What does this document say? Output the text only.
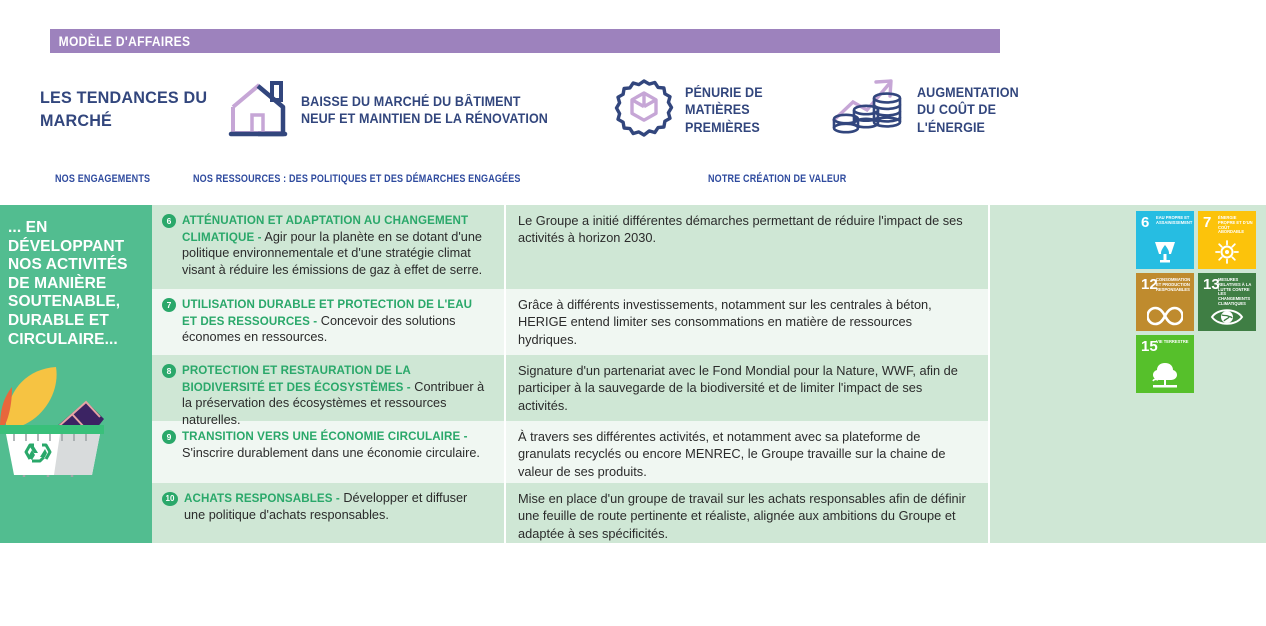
MODÈLE D'AFFAIRES
LES TENDANCES DU MARCHÉ
BAISSE DU MARCHÉ DU BÂTIMENT NEUF ET MAINTIEN DE LA RÉNOVATION
PÉNURIE DE MATIÈRES PREMIÈRES
AUGMENTATION DU COÛT DE L'ÉNERGIE
NOS ENGAGEMENTS	NOS RESSOURCES : DES POLITIQUES ET DES DÉMARCHES ENGAGÉES	NOTRE CRÉATION DE VALEUR
... EN DÉVELOPPANT NOS ACTIVITÉS DE MANIÈRE SOUTENABLE, DURABLE ET CIRCULAIRE...
6 ATTÉNUATION ET ADAPTATION AU CHANGEMENT CLIMATIQUE - Agir pour la planète en se dotant d'une politique environnementale et d'une stratégie climat visant à réduire les émissions de gaz à effet de serre.
Le Groupe a initié différentes démarches permettant de réduire l'impact de ses activités à horizon 2030.
7 UTILISATION DURABLE ET PROTECTION DE L'EAU ET DES RESSOURCES - Concevoir des solutions économes en ressources.
Grâce à différents investissements, notamment sur les centrales à béton, HERIGE entend limiter ses consommations en matière de ressources hydriques.
8 PROTECTION ET RESTAURATION DE LA BIODIVERSITÉ ET DES ÉCOSYSTÈMES - Contribuer à la préservation des écosystèmes et ressources naturelles.
Signature d'un partenariat avec le Fond Mondial pour la Nature, WWF, afin de participer à la sauvegarde de la biodiversité et de limiter l'impact de ses activités.
9 TRANSITION VERS UNE ÉCONOMIE CIRCULAIRE - S'inscrire durablement dans une économie circulaire.
À travers ses différentes activités, et notamment avec sa plateforme de granulats recyclés ou encore MENREC, le Groupe travaille sur la chaine de valeur de ses produits.
10 ACHATS RESPONSABLES - Développer et diffuser une politique d'achats responsables.
Mise en place d'un groupe de travail sur les achats responsables afin de définir une feuille de route pertinente et réaliste, alignée aux ambitions du Groupe et adaptée à ses spécificités.
6 EAU PROPRE ET ASSAINISSEMENT 7 ÉNERGIE PROPRE ET D'UN COÛT ABORDABLE
12
CONSOMMATION ET PRODUCTION RESPONSABLES 13
MESURES RELATIVES À LA LUTTE CONTRE LES CHANGEMENTS CLIMATIQUES
15
VIE TERRESTRE
